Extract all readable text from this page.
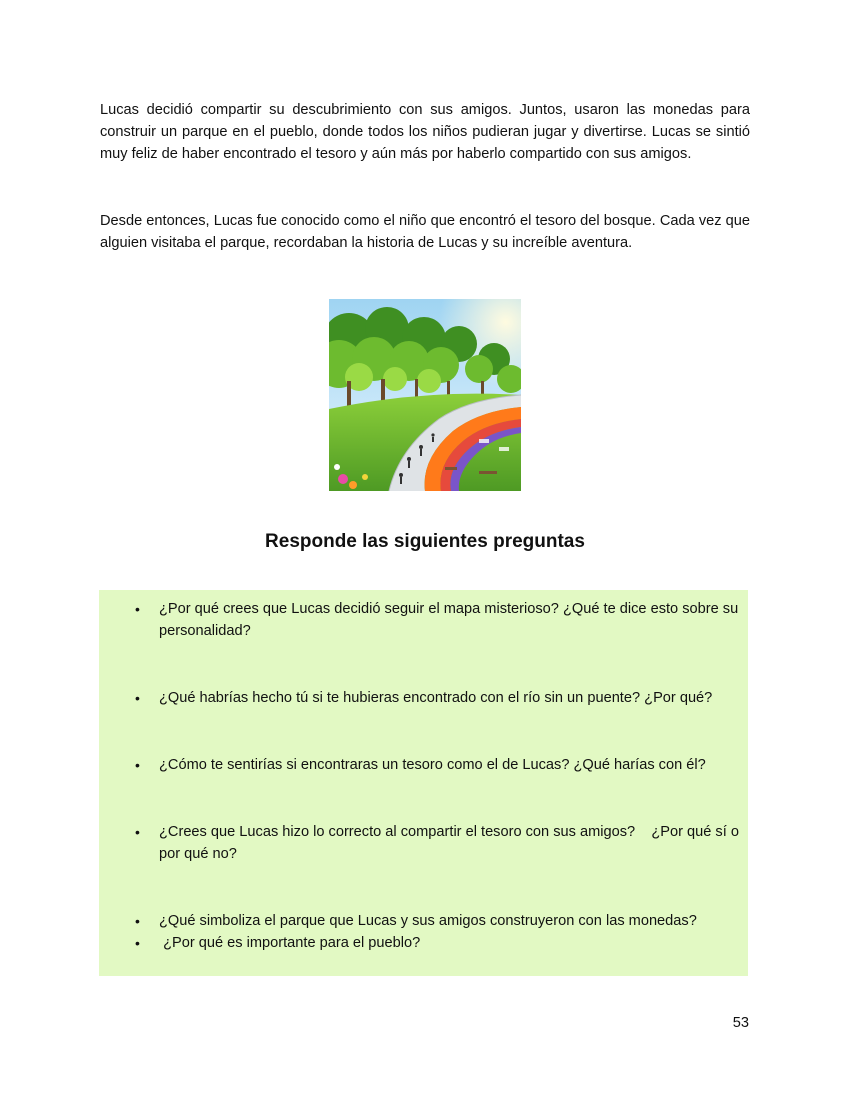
Lucas decidió compartir su descubrimiento con sus amigos. Juntos, usaron las monedas para construir un parque en el pueblo, donde todos los niños pudieran jugar y divertirse. Lucas se sintió muy feliz de haber encontrado el tesoro y aún más por haberlo compartido con sus amigos.

Desde entonces, Lucas fue conocido como el niño que encontró el tesoro del bosque. Cada vez que alguien visitaba el parque, recordaban la historia de Lucas y su increíble aventura.

Responde las siguientes preguntas
•	¿Por qué crees que Lucas decidió seguir el mapa misterioso? ¿Qué te dice esto sobre su personalidad?
•	¿Qué habrías hecho tú si te hubieras encontrado con el río sin un puente? ¿Por qué?
•	¿Cómo te sentirías si encontraras un tesoro como el de Lucas? ¿Qué harías con él?
•	¿Crees que Lucas hizo lo correcto al compartir el tesoro con sus amigos?    ¿Por qué sí o por qué no?
•	¿Qué simboliza el parque que Lucas y sus amigos construyeron con las monedas?
•	¿Por qué es importante para el pueblo?
53
